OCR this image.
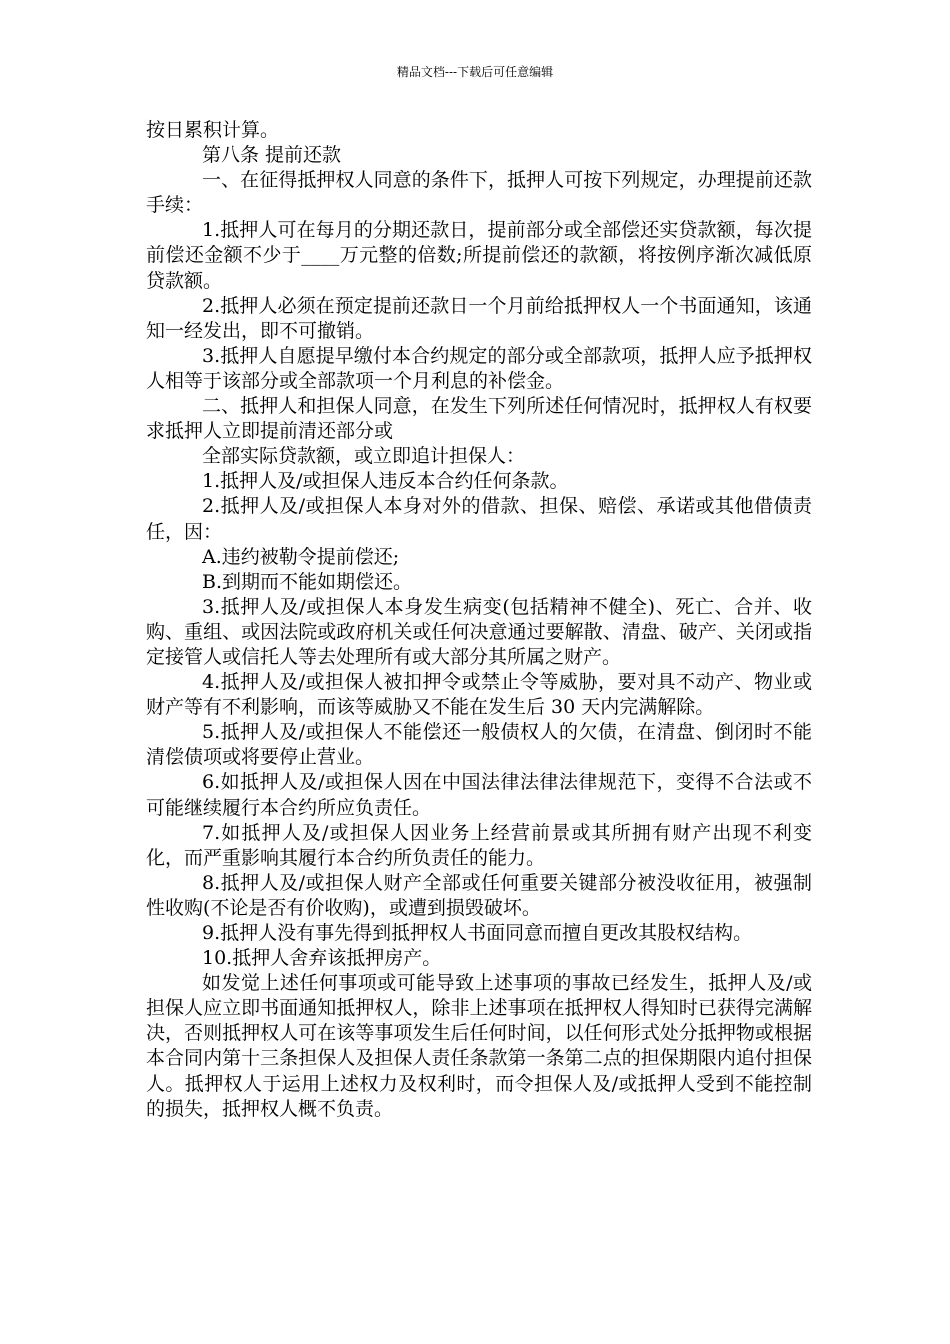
精品文档---下载后可任意编辑

按日累积计算。

第八条 提前还款

一、在征得抵押权人同意的条件下，抵押人可按下列规定，办理提前还款手续：

1.抵押人可在每月的分期还款日，提前部分或全部偿还实贷款额，每次提前偿还金额不少于____万元整的倍数;所提前偿还的款额，将按例序渐次减低原贷款额。

2.抵押人必须在预定提前还款日一个月前给抵押权人一个书面通知，该通知一经发出，即不可撤销。

3.抵押人自愿提早缴付本合约规定的部分或全部款项，抵押人应予抵押权人相等于该部分或全部款项一个月利息的补偿金。

二、抵押人和担保人同意，在发生下列所述任何情况时，抵押权人有权要求抵押人立即提前清还部分或

全部实际贷款额，或立即追计担保人：

1.抵押人及/或担保人违反本合约任何条款。

2.抵押人及/或担保人本身对外的借款、担保、赔偿、承诺或其他借债责任，因：

A.违约被勒令提前偿还;

B.到期而不能如期偿还。

3.抵押人及/或担保人本身发生病变(包括精神不健全)、死亡、合并、收购、重组、或因法院或政府机关或任何决意通过要解散、清盘、破产、关闭或指定接管人或信托人等去处理所有或大部分其所属之财产。

4.抵押人及/或担保人被扣押令或禁止令等威胁，要对具不动产、物业或财产等有不利影响，而该等威胁又不能在发生后 30 天内完满解除。

5.抵押人及/或担保人不能偿还一般债权人的欠债，在清盘、倒闭时不能清偿债项或将要停止营业。

6.如抵押人及/或担保人因在中国法律法律法律规范下，变得不合法或不可能继续履行本合约所应负责任。

7.如抵押人及/或担保人因业务上经营前景或其所拥有财产出现不利变化，而严重影响其履行本合约所负责任的能力。

8.抵押人及/或担保人财产全部或任何重要关键部分被没收征用，被强制性收购(不论是否有价收购)，或遭到损毁破坏。

9.抵押人没有事先得到抵押权人书面同意而擅自更改其股权结构。

10.抵押人舍弃该抵押房产。

如发觉上述任何事项或可能导致上述事项的事故已经发生，抵押人及/或担保人应立即书面通知抵押权人，除非上述事项在抵押权人得知时已获得完满解决，否则抵押权人可在该等事项发生后任何时间，以任何形式处分抵押物或根据本合同内第十三条担保人及担保人责任条款第一条第二点的担保期限内追付担保人。抵押权人于运用上述权力及权利时，而令担保人及/或抵押人受到不能控制的损失，抵押权人概不负责。
